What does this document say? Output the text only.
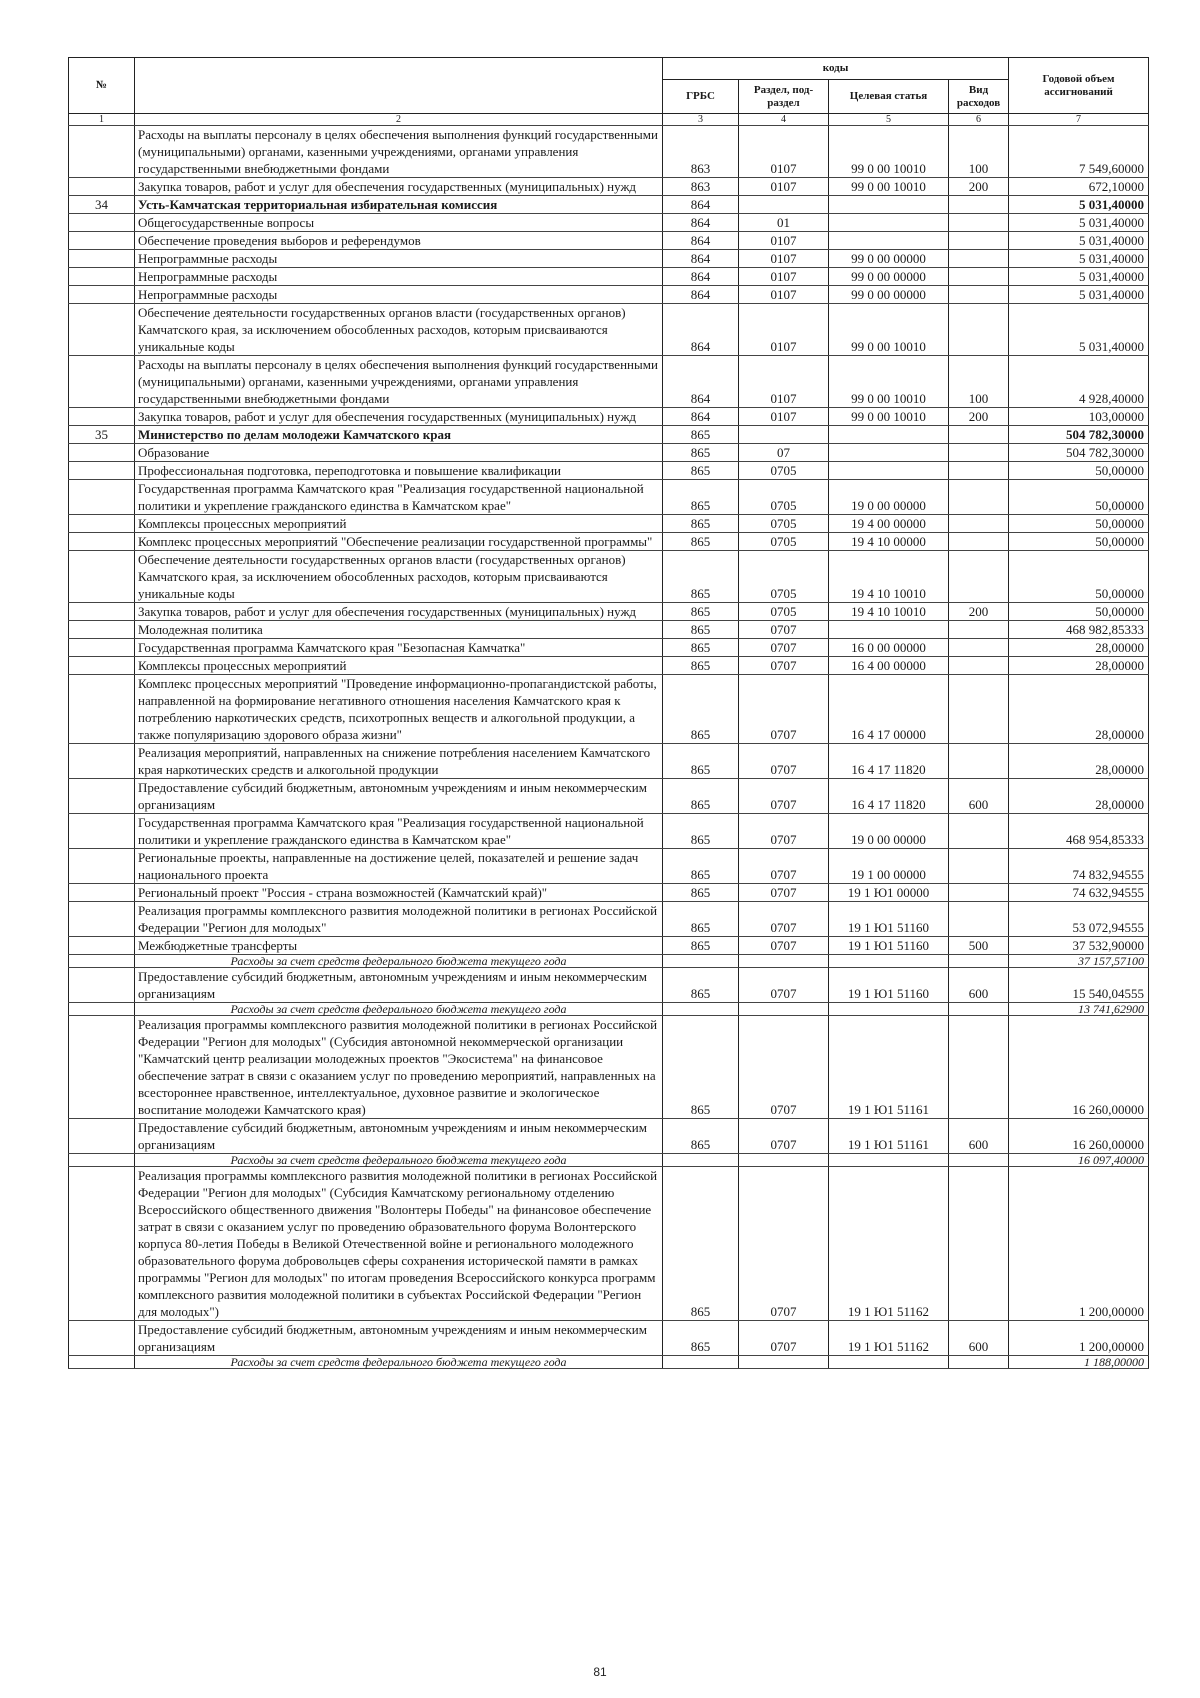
№		коды				Годовой объем ассигнований
		ГРБС	Раздел, под-раздел	Целевая статья	Вид расходов	
1	2	3	4	5	6	7
	Расходы на выплаты персоналу в целях обеспечения выполнения функций государственными (муниципальными) органами, казенными учреждениями, органами управления государственными внебюджетными фондами	863	0107	99 0 00 10010	100	7 549,60000
	Закупка товаров, работ и услуг для обеспечения государственных (муниципальных) нужд	863	0107	99 0 00 10010	200	672,10000
34	Усть-Камчатская территориальная избирательная комиссия	864				5 031,40000
	Общегосударственные вопросы	864	01			5 031,40000
	Обеспечение проведения выборов и референдумов	864	0107			5 031,40000
	Непрограммные расходы	864	0107	99 0 00 00000		5 031,40000
	Непрограммные расходы	864	0107	99 0 00 00000		5 031,40000
	Непрограммные расходы	864	0107	99 0 00 00000		5 031,40000
	Обеспечение деятельности государственных органов власти (государственных органов) Камчатского края, за исключением обособленных расходов, которым присваиваются уникальные коды	864	0107	99 0 00 10010		5 031,40000
	Расходы на выплаты персоналу в целях обеспечения выполнения функций государственными (муниципальными) органами, казенными учреждениями, органами управления государственными внебюджетными фондами	864	0107	99 0 00 10010	100	4 928,40000
	Закупка товаров, работ и услуг для обеспечения государственных (муниципальных) нужд	864	0107	99 0 00 10010	200	103,00000
35	Министерство по делам молодежи Камчатского края	865				504 782,30000
	Образование	865	07			504 782,30000
	Профессиональная подготовка, переподготовка и повышение квалификации	865	0705			50,00000
	Государственная программа Камчатского края "Реализация государственной национальной политики и укрепление гражданского единства в Камчатском крае"	865	0705	19 0 00 00000		50,00000
	Комплексы процессных мероприятий	865	0705	19 4 00 00000		50,00000
	Комплекс процессных мероприятий "Обеспечение реализации государственной программы"	865	0705	19 4 10 00000		50,00000
	Обеспечение деятельности государственных органов власти (государственных органов) Камчатского края, за исключением обособленных расходов, которым присваиваются уникальные коды	865	0705	19 4 10 10010		50,00000
	Закупка товаров, работ и услуг для обеспечения государственных (муниципальных) нужд	865	0705	19 4 10 10010	200	50,00000
	Молодежная политика	865	0707			468 982,85333
	Государственная программа Камчатского края "Безопасная Камчатка"	865	0707	16 0 00 00000		28,00000
	Комплексы процессных мероприятий	865	0707	16 4 00 00000		28,00000
	Комплекс процессных мероприятий "Проведение информационно-пропагандистской работы, направленной на формирование негативного отношения населения Камчатского края к потреблению наркотических средств, психотропных веществ и алкогольной продукции, а также популяризацию здорового образа жизни"	865	0707	16 4 17 00000		28,00000
	Реализация мероприятий, направленных на снижение потребления населением Камчатского края наркотических средств и алкогольной продукции	865	0707	16 4 17 11820		28,00000
	Предоставление субсидий бюджетным, автономным учреждениям и иным некоммерческим организациям	865	0707	16 4 17 11820	600	28,00000
	Государственная программа Камчатского края "Реализация государственной национальной политики и укрепление гражданского единства в Камчатском крае"	865	0707	19 0 00 00000		468 954,85333
	Региональные проекты, направленные на достижение целей, показателей и решение задач национального проекта	865	0707	19 1 00 00000		74 832,94555
	Региональный проект "Россия - страна возможностей (Камчатский край)"	865	0707	19 1 Ю1 00000		74 632,94555
	Реализация программы комплексного развития молодежной политики в регионах Российской Федерации "Регион для молодых"	865	0707	19 1 Ю1 51160		53 072,94555
	Межбюджетные трансферты	865	0707	19 1 Ю1 51160	500	37 532,90000
	Расходы за счет средств федерального бюджета текущего года					37 157,57100
	Предоставление субсидий бюджетным, автономным учреждениям и иным некоммерческим организациям	865	0707	19 1 Ю1 51160	600	15 540,04555
	Расходы за счет средств федерального бюджета текущего года					13 741,62900
	Реализация программы комплексного развития молодежной политики в регионах Российской Федерации "Регион для молодых" (Субсидия автономной некоммерческой организации "Камчатский центр реализации молодежных проектов "Экосистема" на финансовое обеспечение затрат в связи с оказанием услуг по проведению мероприятий, направленных на всестороннее нравственное, интеллектуальное, духовное развитие и экологическое воспитание молодежи Камчатского края)	865	0707	19 1 Ю1 51161		16 260,00000
	Предоставление субсидий бюджетным, автономным учреждениям и иным некоммерческим организациям	865	0707	19 1 Ю1 51161	600	16 260,00000
	Расходы за счет средств федерального бюджета текущего года					16 097,40000
	Реализация программы комплексного развития молодежной политики в регионах Российской Федерации "Регион для молодых" (Субсидия Камчатскому региональному отделению Всероссийского общественного движения "Волонтеры Победы" на финансовое обеспечение затрат в связи с оказанием услуг по проведению образовательного форума Волонтерского корпуса 80-летия Победы в Великой Отечественной войне и регионального молодежного образовательного форума добровольцев сферы сохранения исторической памяти в рамках программы "Регион для молодых" по итогам проведения Всероссийского конкурса программ комплексного развития молодежной политики в субъектах Российской Федерации "Регион для молодых")	865	0707	19 1 Ю1 51162		1 200,00000
	Предоставление субсидий бюджетным, автономным учреждениям и иным некоммерческим организациям	865	0707	19 1 Ю1 51162	600	1 200,00000
	Расходы за счет средств федерального бюджета текущего года					1 188,00000
81
